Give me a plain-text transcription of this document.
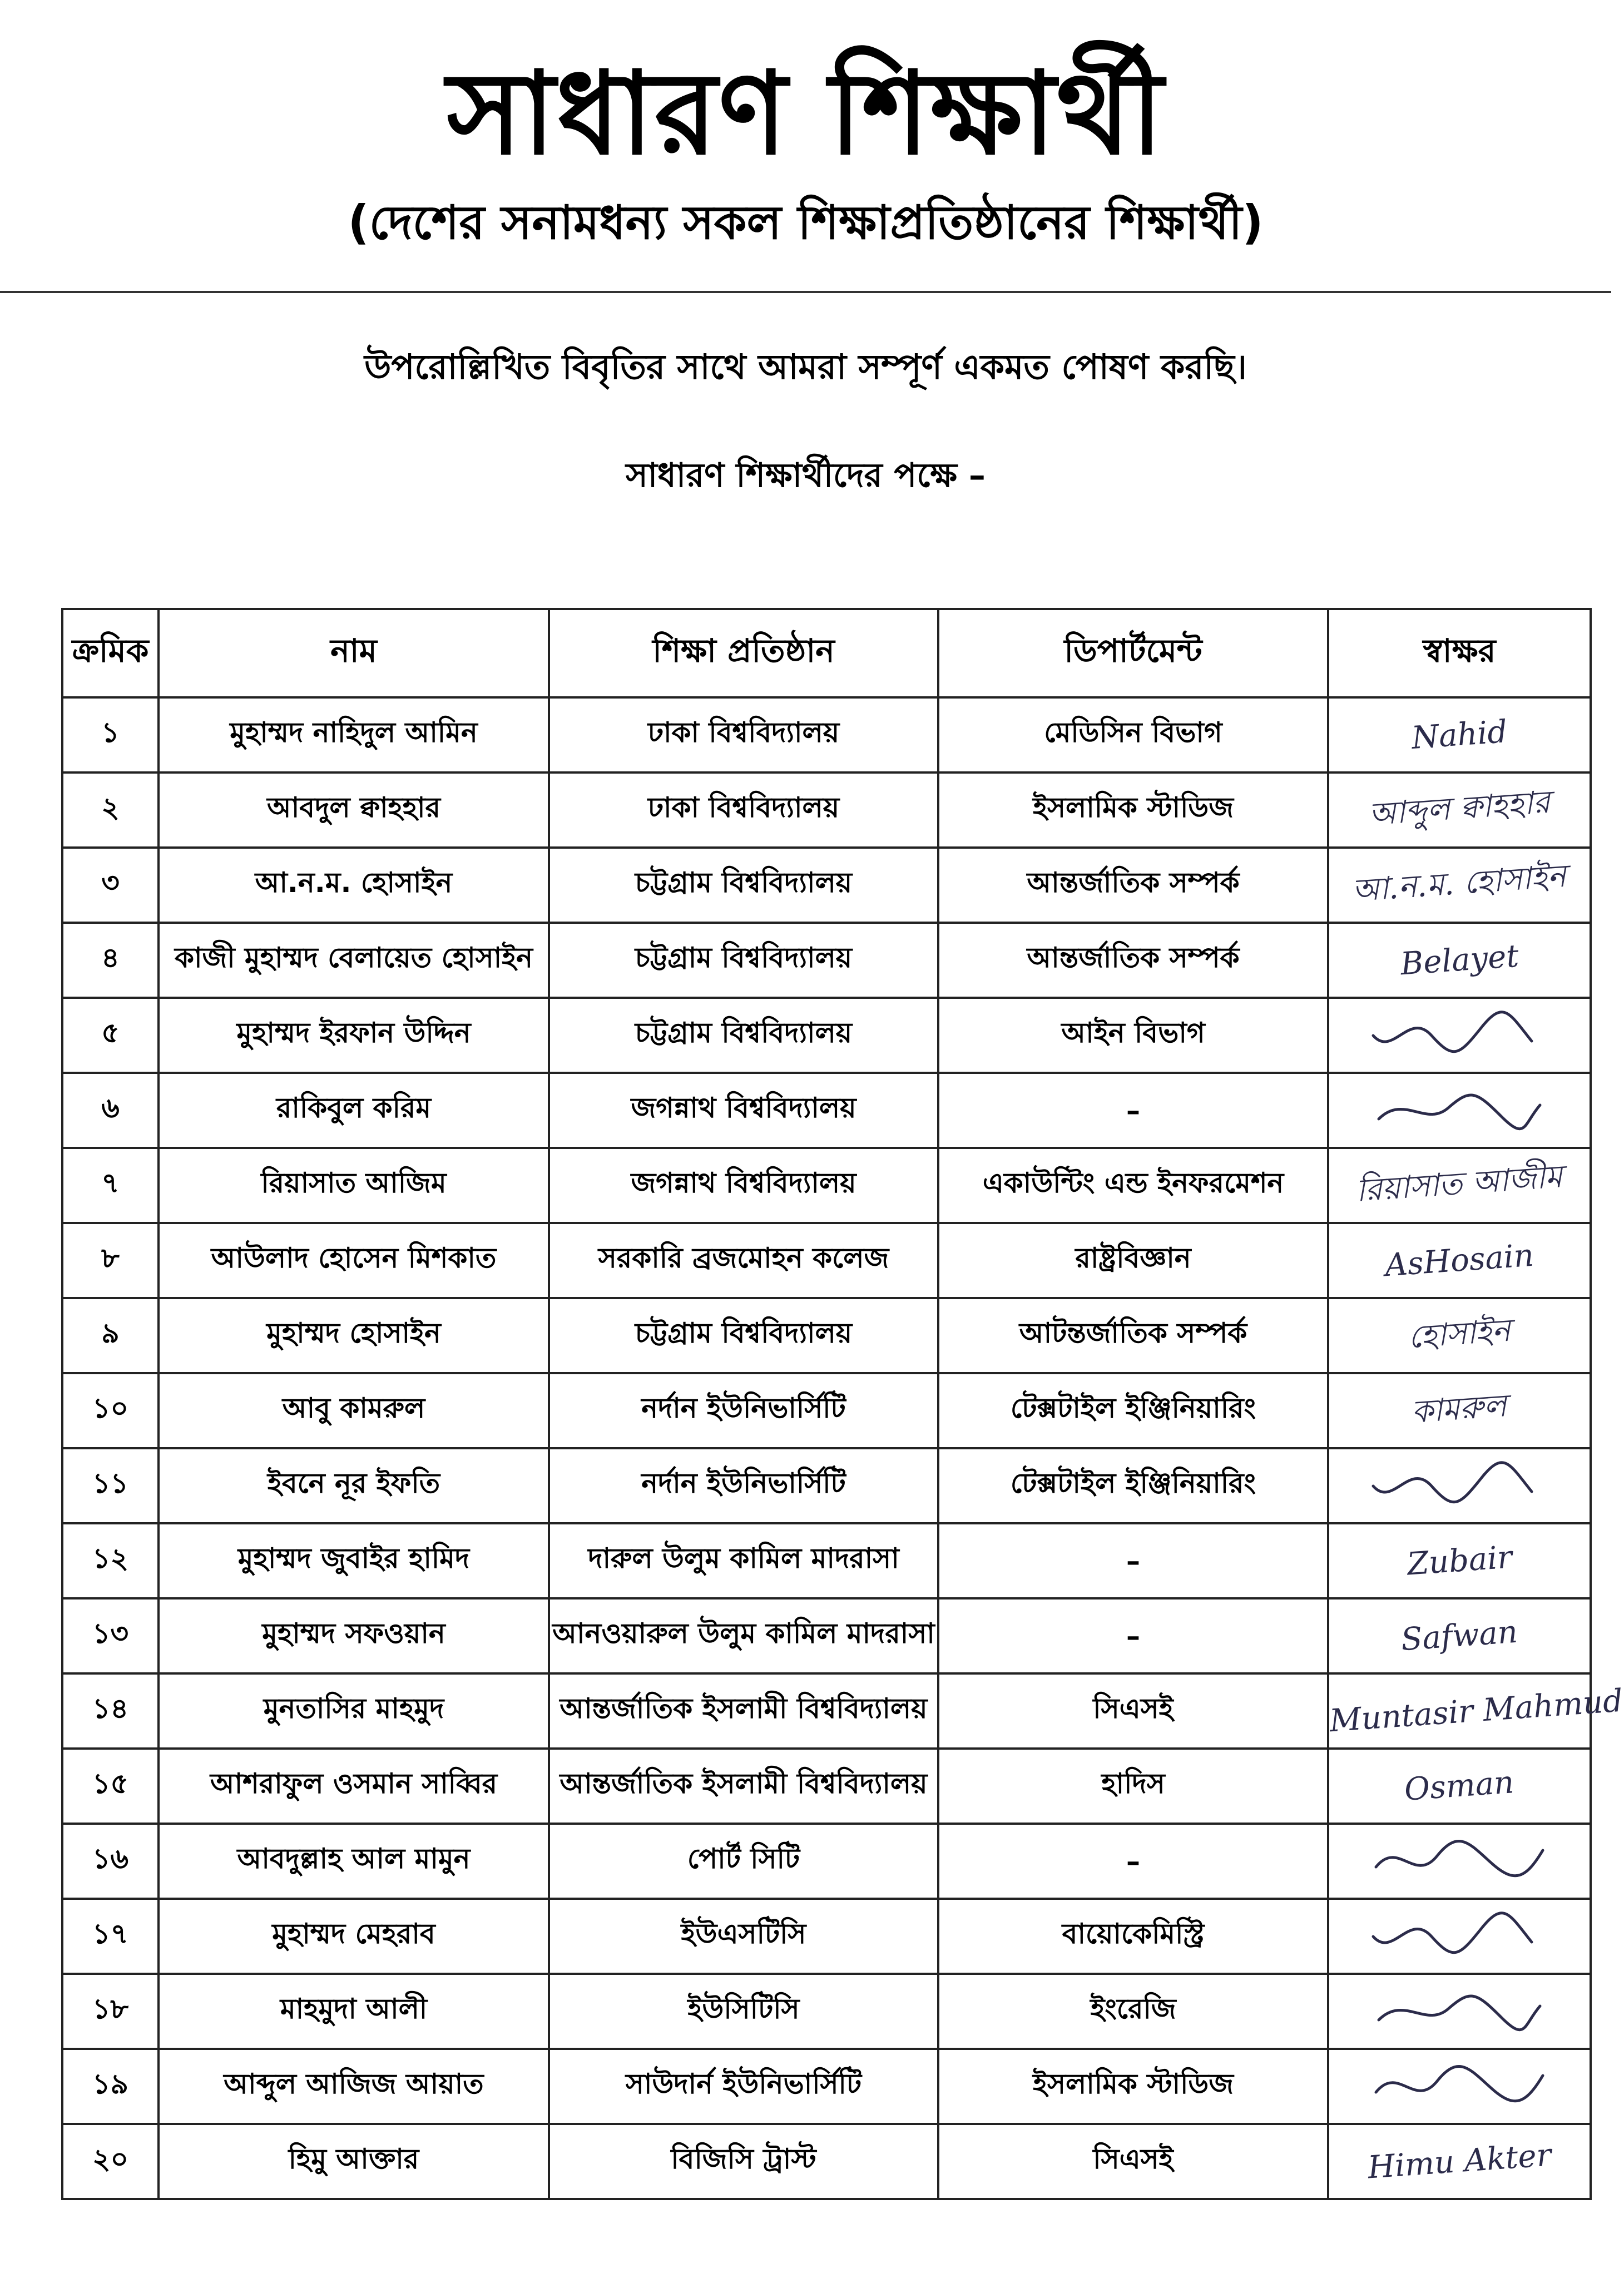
সাধারণ শিক্ষার্থী
(দেশের সনামধন্য সকল শিক্ষাপ্রতিষ্ঠানের শিক্ষার্থী)
উপরোল্লিখিত বিবৃতির সাথে আমরা সম্পূর্ণ একমত পোষণ করছি।
সাধারণ শিক্ষার্থীদের পক্ষে –
ক্রমিক	নাম	শিক্ষা প্রতিষ্ঠান	ডিপার্টমেন্ট	স্বাক্ষর
১	মুহাম্মদ নাহিদুল আমিন	ঢাকা বিশ্ববিদ্যালয়	মেডিসিন বিভাগ	Nahid
২	আবদুল ক্বাহহার	ঢাকা বিশ্ববিদ্যালয়	ইসলামিক স্টাডিজ	আব্দুল ক্বাহহার
৩	আ.ন.ম. হোসাইন	চট্টগ্রাম বিশ্ববিদ্যালয়	আন্তর্জাতিক সম্পর্ক	আ.ন.ম. হোসাইন
৪	কাজী মুহাম্মদ বেলায়েত হোসাইন	চট্টগ্রাম বিশ্ববিদ্যালয়	আন্তর্জাতিক সম্পর্ক	Belayet
৫	মুহাম্মদ ইরফান উদ্দিন	চট্টগ্রাম বিশ্ববিদ্যালয়	আইন বিভাগ	
৬	রাকিবুল করিম	জগন্নাথ বিশ্ববিদ্যালয়	–	
৭	রিয়াসাত আজিম	জগন্নাথ বিশ্ববিদ্যালয়	একাউন্টিং এন্ড ইনফরমেশন	রিয়াসাত আজীম
৮	আউলাদ হোসেন মিশকাত	সরকারি ব্রজমোহন কলেজ	রাষ্ট্রবিজ্ঞান	AsHosain
৯	মুহাম্মদ হোসাইন	চট্টগ্রাম বিশ্ববিদ্যালয়	আটন্তর্জাতিক সম্পর্ক	হোসাইন
১০	আবু কামরুল	নর্দান ইউনিভার্সিটি	টেক্সটাইল ইঞ্জিনিয়ারিং	কামরুল
১১	ইবনে নূর ইফতি	নর্দান ইউনিভার্সিটি	টেক্সটাইল ইঞ্জিনিয়ারিং	
১২	মুহাম্মদ জুবাইর হামিদ	দারুল উলুম কামিল মাদরাসা	–	Zubair
১৩	মুহাম্মদ সফওয়ান	আনওয়ারুল উলুম কামিল মাদরাসা	–	Safwan
১৪	মুনতাসির মাহমুদ	আন্তর্জাতিক ইসলামী বিশ্ববিদ্যালয়	সিএসই	Muntasir Mahmud
১৫	আশরাফুল ওসমান সাব্বির	আন্তর্জাতিক ইসলামী বিশ্ববিদ্যালয়	হাদিস	Osman
১৬	আবদুল্লাহ আল মামুন	পোর্ট সিটি	–	
১৭	মুহাম্মদ মেহরাব	ইউএসটিসি	বায়োকেমিস্ট্রি	
১৮	মাহমুদা আলী	ইউসিটিসি	ইংরেজি	
১৯	আব্দুল আজিজ আয়াত	সাউদার্ন ইউনিভার্সিটি	ইসলামিক স্টাডিজ	
২০	হিমু আক্তার	বিজিসি ট্রাস্ট	সিএসই	Himu Akter
